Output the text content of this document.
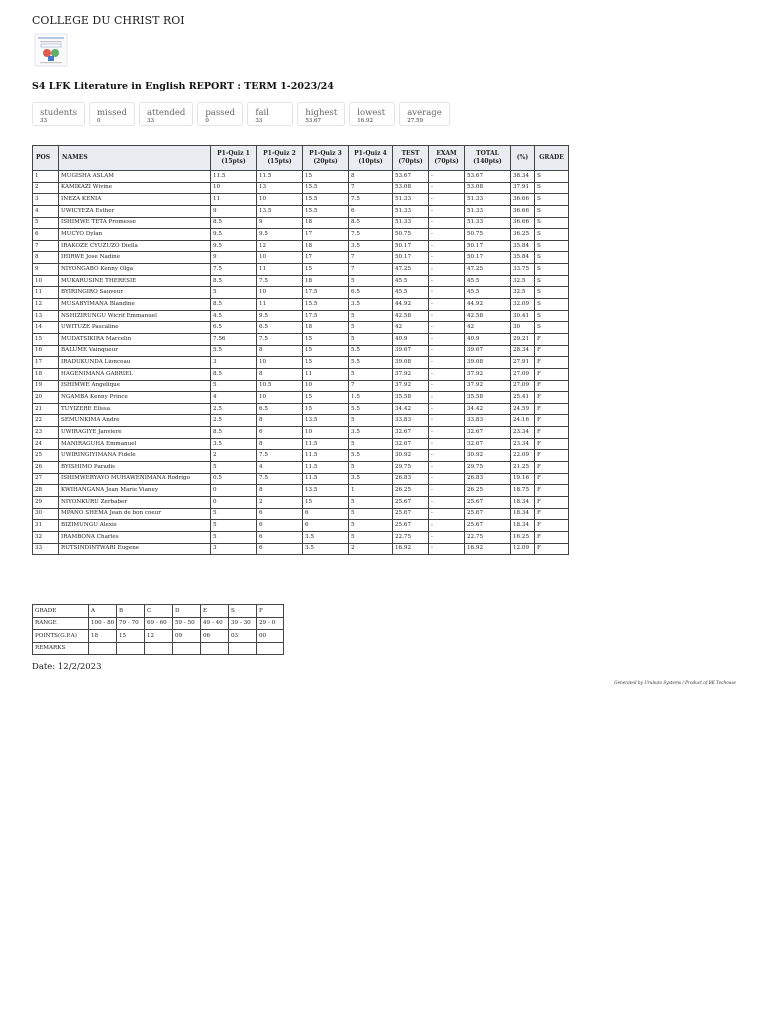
COLLEGE DU CHRIST ROI
S4 LFK Literature in English REPORT : TERM 1-2023/24
students
33
missed
0
attended
33
passed
0
fail
33
highest
53.67
lowest
16.92
average
27.59
POS	NAMES	P1-Quiz 1 (15pts)	P1-Quiz 2 (15pts)	P1-Quiz 3 (20pts)	P1-Quiz 4 (10pts)	TEST (70pts)	EXAM (70pts)	TOTAL (140pts)	(%)	GRADE
1	MUGISHA ASLAM	11.5	11.5	15	8	53.67	-	53.67	38.34	S
2	KAMIKAZI Wivine	10	13	15.5	7	53.08	-	53.08	37.91	S
3	INEZA KENIA	11	10	15.5	7.5	51.33	-	51.33	36.66	S
4	UWICYEZA Esther	9	13.5	15.5	6	51.33	-	51.33	36.66	S
5	ISHIMWE TETA Promesse	8.5	9	18	8.5	51.33	-	51.33	36.66	S
6	MUCYO Dylan	9.5	9.5	17	7.5	50.75	-	50.75	36.25	S
7	IRAKOZE CYUZUZO Diella	9.5	12	18	3.5	50.17	-	50.17	35.84	S
8	IHIRWE Jose Nadine	9	10	17	7	50.17	-	50.17	35.84	S
9	NIYONGABO Kenny Olga	7.5	11	15	7	47.25	-	47.25	33.75	S
10	MUKARUSINE THERESIE	8.5	7.5	18	5	45.5	-	45.5	32.5	S
11	BYIRINGIRO Sauveur	5	10	17.5	6.5	45.5	-	45.5	32.5	S
12	MUSABYIMANA Blandine	8.5	11	15.5	3.5	44.92	-	44.92	32.09	S
13	NSHIZIRUNGU Wicrif Emmanuel	4.5	9.5	17.5	5	42.58	-	42.58	30.41	S
14	UWITUZE Pascaline	6.5	6.5	18	5	42	-	42	30	S
15	MUDATSIKIRA Marcelin	7.56	7.5	15	5	40.9	-	40.9	29.21	F
16	BALUME Vainqueur	5.5	8	15	5.5	39.67	-	39.67	28.34	F
17	IRADUKUNDA Lionceau	3	10	15	5.5	39.08	-	39.08	27.91	F
18	HAGENIMANA GABRIEL	8.5	8	11	5	37.92	-	37.92	27.09	F
19	ISHIMWE Angelique	5	10.5	10	7	37.92	-	37.92	27.09	F
20	NGAMBA Kenny Prince	4	10	15	1.5	35.58	-	35.58	25.41	F
21	TUYIZERE Elissa	2.5	6.5	15	5.5	34.42	-	34.42	24.59	F
22	SEMUNKIMA Andre	2.5	8	13.5	5	33.83	-	33.83	24.16	F
23	UWIRAGIYE Janviere	8.5	6	10	3.5	32.67	-	32.67	23.34	F
24	MANIRAGUHA Emmanuel	3.5	8	11.5	5	32.67	-	32.67	23.34	F
25	UWIRINGIYIMANA Fidele	2	7.5	11.5	5.5	30.92	-	30.92	22.09	F
26	BYISHIMO Paradis	5	4	11.5	5	29.75	-	29.75	21.25	F
27	ISHIMWERYAYO MUHAWENIMANA Rodrigo	0.5	7.5	11.5	3.5	26.83	-	26.83	19.16	F
28	KWIHANGANA Jean Marie Vianey	0	8	13.5	1	26.25	-	26.25	18.75	F
29	NIYONKURU Zerbaber	0	2	15	5	25.67	-	25.67	18.34	F
30	MPANO SHEMA Jean de bon coeur	5	6	6	5	25.67	-	25.67	18.34	F
31	BIZIMUNGU Alexis	5	6	6	5	25.67	-	25.67	18.34	F
32	IRAMBONA Charles	5	6	3.5	5	22.75	-	22.75	16.25	F
33	RUTSINDINTWARI Eugene	3	6	3.5	2	16.92	-	16.92	12.09	F
GRADE	A	B	C	D	E	S	F
RANGE	100 - 80	79 - 70	69 - 60	59 - 50	49 - 40	39 - 30	29 - 0
POINTS(G.P.A)	18	15	12	09	06	03	00
REMARKS							
Date: 12/2/2023
Generated by Urubuto Systems / Product of BK Techouse
